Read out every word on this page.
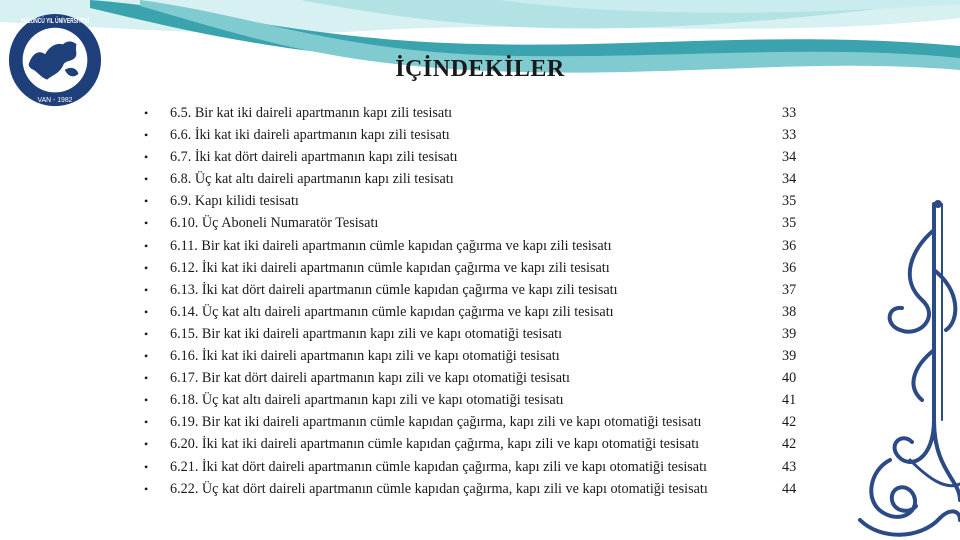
YÜZÜNCÜ YIL ÜNİVERSİTESİ
VAN - 1982
İÇİNDEKİLER
• 6.5. Bir kat iki daireli apartmanın kapı zili tesisatı	33
• 6.6. İki kat iki daireli apartmanın kapı zili tesisatı	33
• 6.7. İki kat dört daireli apartmanın kapı zili tesisatı	34
• 6.8. Üç kat altı daireli apartmanın kapı zili tesisatı	34
• 6.9. Kapı kilidi tesisatı	35
• 6.10. Üç Aboneli Numaratör Tesisatı	35
• 6.11. Bir kat iki daireli apartmanın cümle kapıdan çağırma ve kapı zili tesisatı	36
• 6.12. İki kat iki daireli apartmanın cümle kapıdan çağırma ve kapı zili tesisatı	36
• 6.13. İki kat dört daireli apartmanın cümle kapıdan çağırma ve kapı zili tesisatı	37
• 6.14. Üç kat altı daireli apartmanın cümle kapıdan çağırma ve kapı zili tesisatı	38
• 6.15. Bir kat iki daireli apartmanın kapı zili ve kapı otomatiği tesisatı	39
• 6.16. İki kat iki daireli apartmanın kapı zili ve kapı otomatiği tesisatı	39
• 6.17. Bir kat dört daireli apartmanın kapı zili ve kapı otomatiği tesisatı	40
• 6.18. Üç kat altı daireli apartmanın kapı zili ve kapı otomatiği tesisatı	41
• 6.19. Bir kat iki daireli apartmanın cümle kapıdan çağırma, kapı zili ve kapı otomatiği tesisatı	42
• 6.20. İki kat iki daireli apartmanın cümle kapıdan çağırma, kapı zili ve kapı otomatiği tesisatı	42
• 6.21. İki kat dört daireli apartmanın cümle kapıdan çağırma, kapı zili ve kapı otomatiği tesisatı	43
• 6.22. Üç kat dört daireli apartmanın cümle kapıdan çağırma, kapı zili ve kapı otomatiği tesisatı	44
